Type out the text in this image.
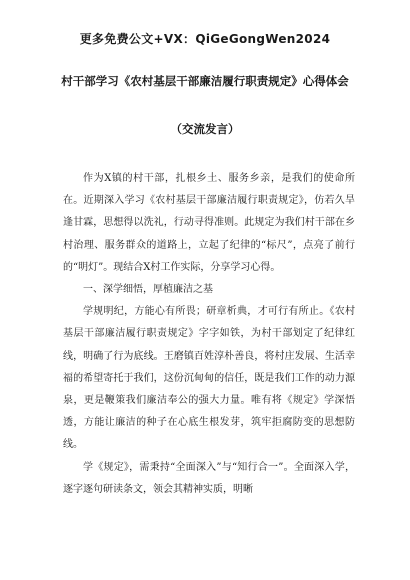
更多免费公文+VX：QiGeGongWen2024
村干部学习《农村基层干部廉洁履行职责规定》心得体会
（交流发言）

作为X镇的村干部，扎根乡土、服务乡亲，是我们的使命所在。近期深入学习《农村基层干部廉洁履行职责规定》，仿若久旱逢甘霖，思想得以洗礼，行动寻得准则。此规定为我们村干部在乡村治理、服务群众的道路上，立起了纪律的“标尺”，点亮了前行的“明灯”。现结合X村工作实际，分享学习心得。

一、深学细悟，厚植廉洁之基

学规明纪，方能心有所畏；研章析典，才可行有所止。《农村基层干部廉洁履行职责规定》字字如铁，为村干部划定了纪律红线，明确了行为底线。王磨镇百姓淳朴善良，将村庄发展、生活幸福的希望寄托于我们，这份沉甸甸的信任，既是我们工作的动力源泉，更是鞭策我们廉洁奉公的强大力量。唯有将《规定》学深悟透，方能让廉洁的种子在心底生根发芽，筑牢拒腐防变的思想防线。

学《规定》，需秉持“全面深入”与“知行合一”。全面深入学，逐字逐句研读条文，领会其精神实质，明晰
